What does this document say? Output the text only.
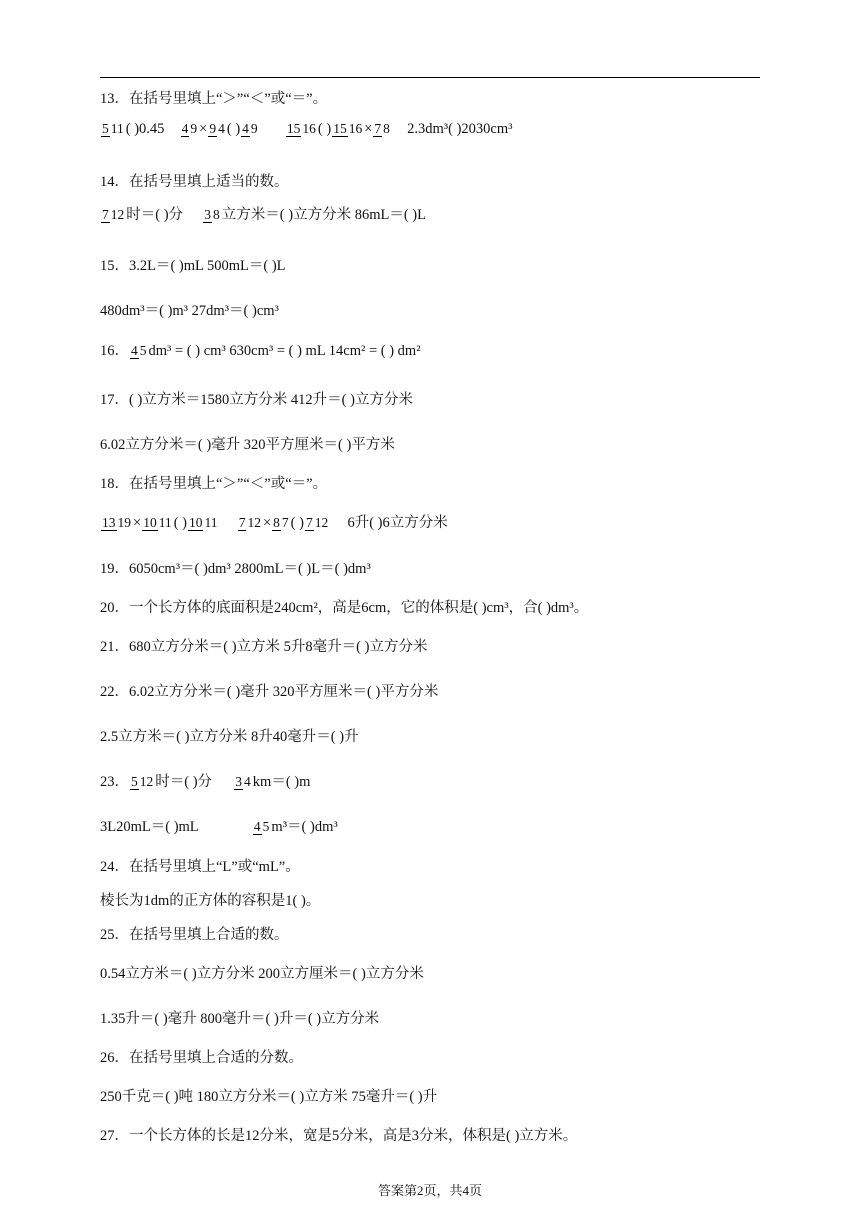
13．在括号里填上“＞”“＜”或“＝”。
5 11 ( )0.45 4 9 × 9 4 ( ) 4 9 15 16 ( ) 15 16 × 7 8 2.3dm³( )2030cm³
14．在括号里填上适当的数。
7 12 时＝( )分 3 8 立方米＝( )立方分米 86mL＝( )L
15．3.2L＝( )mL 500mL＝( )L
480dm³＝( )m³ 27dm³＝( )cm³
16． 4 5 dm³ = ( ) cm³ 630cm³ = ( ) mL 14cm² = ( ) dm²
17．( )立方米＝1580立方分米 412升＝( )立方分米
6.02立方分米＝( )毫升 320平方厘米＝( )平方米
18．在括号里填上“＞”“＜”或“＝”。
13 19 × 10 11 ( ) 10 11 7 12 × 8 7 ( ) 7 12 6升( )6立方分米
19．6050cm³＝( )dm³ 2800mL＝( )L＝( )dm³
20．一个长方体的底面积是240cm²，高是6cm，它的体积是( )cm³，合( )dm³。
21．680立方分米＝( )立方米 5升8毫升＝( )立方分米
22．6.02立方分米＝( )毫升 320平方厘米＝( )平方分米
2.5立方米＝( )立方分米 8升40毫升＝( )升
23． 5 12 时＝( )分 3 4 km＝( )m
3L20mL＝( )mL	4 5 m³＝( )dm³
24．在括号里填上“L”或“mL”。
棱长为1dm的正方体的容积是1( )。
25．在括号里填上合适的数。
0.54立方米＝( )立方分米 200立方厘米＝( )立方分米
1.35升＝( )毫升 800毫升＝( )升＝( )立方分米
26．在括号里填上合适的分数。
250千克＝( )吨 180立方分米＝( )立方米 75毫升＝( )升
27．一个长方体的长是12分米，宽是5分米，高是3分米，体积是( )立方米。
答案第2页，共4页
